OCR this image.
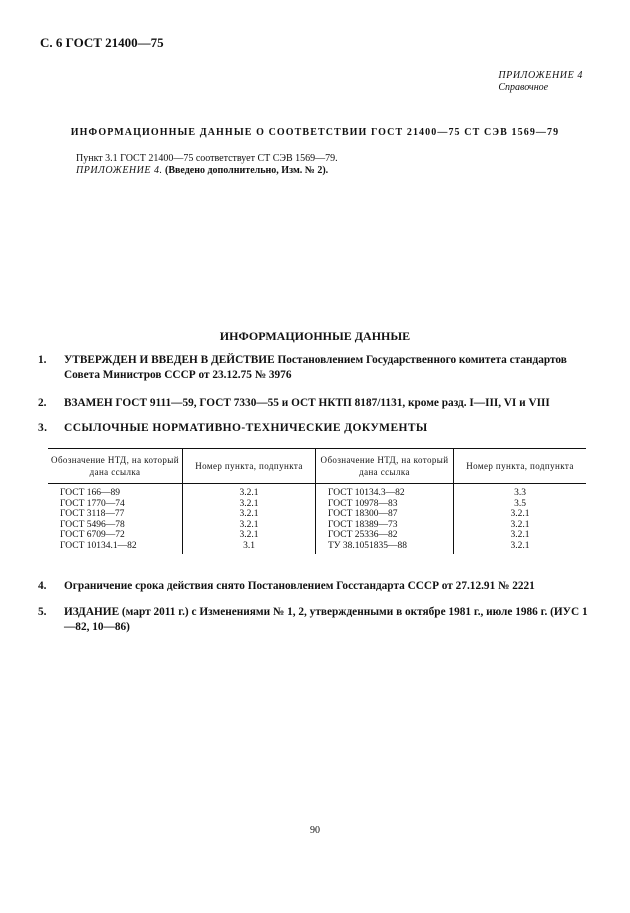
С. 6 ГОСТ 21400—75
ПРИЛОЖЕНИЕ 4
Справочное
ИНФОРМАЦИОННЫЕ ДАННЫЕ О СООТВЕТСТВИИ ГОСТ 21400—75 СТ СЭВ 1569—79
Пункт 3.1 ГОСТ 21400—75 соответствует СТ СЭВ 1569—79.
ПРИЛОЖЕНИЕ 4. (Введено дополнительно, Изм. № 2).
ИНФОРМАЦИОННЫЕ ДАННЫЕ
1. УТВЕРЖДЕН И ВВЕДЕН В ДЕЙСТВИЕ Постановлением Государственного комитета стандартов Совета Министров СССР от 23.12.75 № 3976
2. ВЗАМЕН ГОСТ 9111—59, ГОСТ 7330—55 и ОСТ НКТП 8187/1131, кроме разд. I—III, VI и VIII
3. ССЫЛОЧНЫЕ НОРМАТИВНО-ТЕХНИЧЕСКИЕ ДОКУМЕНТЫ
Обозначение НТД, на который дана ссылка	Номер пункта, подпункта	Обозначение НТД, на который дана ссылка	Номер пункта, подпункта
ГОСТ 166—89	3.2.1	ГОСТ 10134.3—82	3.3
ГОСТ 1770—74	3.2.1	ГОСТ 10978—83	3.5
ГОСТ 3118—77	3.2.1	ГОСТ 18300—87	3.2.1
ГОСТ 5496—78	3.2.1	ГОСТ 18389—73	3.2.1
ГОСТ 6709—72	3.2.1	ГОСТ 25336—82	3.2.1
ГОСТ 10134.1—82	3.1	ТУ 38.1051835—88	3.2.1
4. Ограничение срока действия снято Постановлением Госстандарта СССР от 27.12.91 № 2221
5. ИЗДАНИЕ (март 2011 г.) с Изменениями № 1, 2, утвержденными в октябре 1981 г., июле 1986 г. (ИУС 1—82, 10—86)
90
